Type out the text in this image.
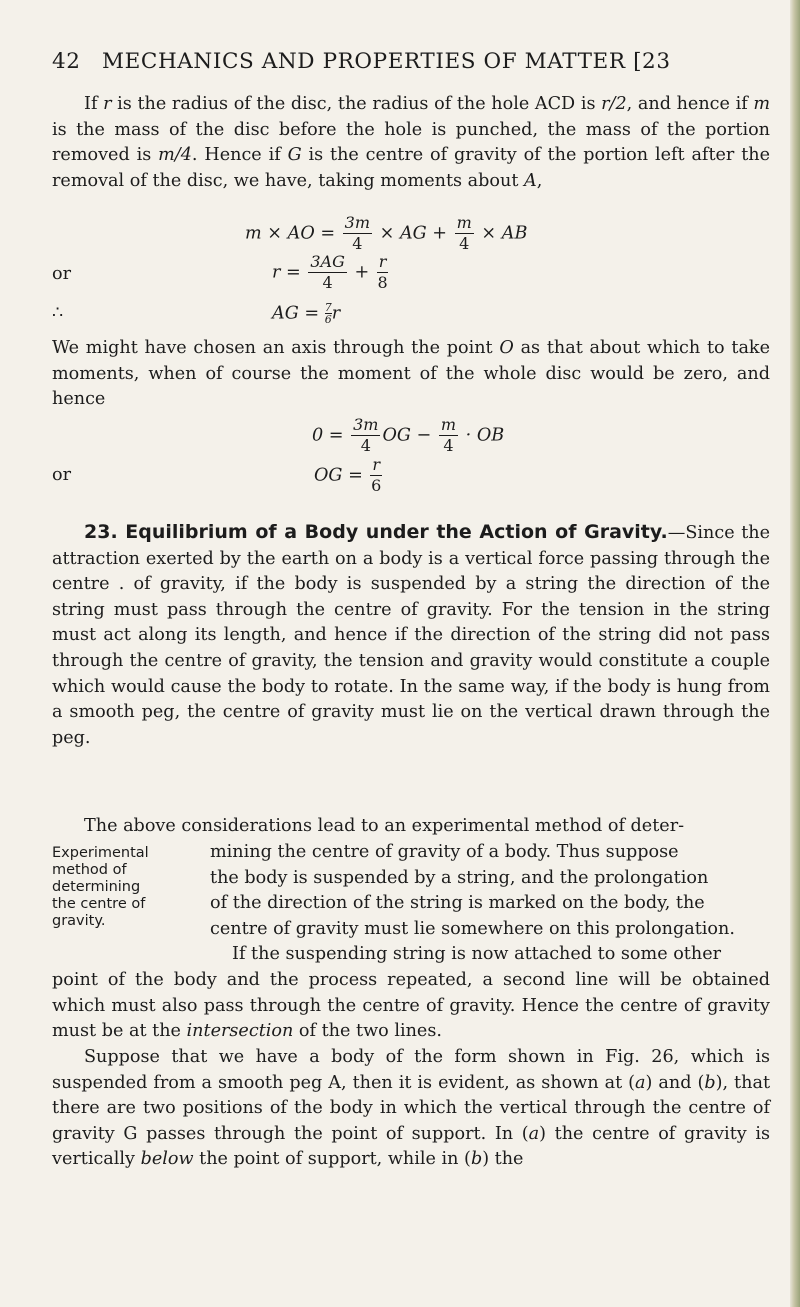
42 MECHANICS AND PROPERTIES OF MATTER [23

If r is the radius of the disc, the radius of the hole ACD is r/2, and hence if m is the mass of the disc before the hole is punched, the mass of the portion removed is m/4. Hence if G is the centre of gravity of the portion left after the removal of the disc, we have, taking moments about A,

m × AO = $\frac{3m}{4}$ × AG + $\frac{m}{4}$ × AB
or	$r = \frac{3AG}{4} + \frac{r}{8}$
∴	AG = $\frac{7}{6}r$

We might have chosen an axis through the point O as that about which to take moments, when of course the moment of the whole disc would be zero, and hence

$0 = \frac{3m}{4}$ OG − $\frac{m}{4}$ · OB
or	OG = $\frac{r}{6}$

23. Equilibrium of a Body under the Action of Gravity.—Since the attraction exerted by the earth on a body is a vertical force passing through the centre . of gravity, if the body is suspended by a string the direction of the string must pass through the centre of gravity. For the tension in the string must act along its length, and hence if the direction of the string did not pass through the centre of gravity, the tension and gravity would constitute a couple which would cause the body to rotate. In the same way, if the body is hung from a smooth peg, the centre of gravity must lie on the vertical drawn through the peg.

The above considerations lead to an experimental method of deter-

Experimental
method of
determining
the centre of
gravity.
mining the centre of gravity of a body. Thus suppose
the body is suspended by a string, and the prolongation
of the direction of the string is marked on the body, the
centre of gravity must lie somewhere on this prolongation.
If the suspending string is now attached to some other

point of the body and the process repeated, a second line will be obtained which must also pass through the centre of gravity. Hence the centre of gravity must be at the intersection of the two lines.

Suppose that we have a body of the form shown in Fig. 26, which is suspended from a smooth peg A, then it is evident, as shown at (a) and (b), that there are two positions of the body in which the vertical through the centre of gravity G passes through the point of support. In (a) the centre of gravity is vertically below the point of support, while in (b) the
